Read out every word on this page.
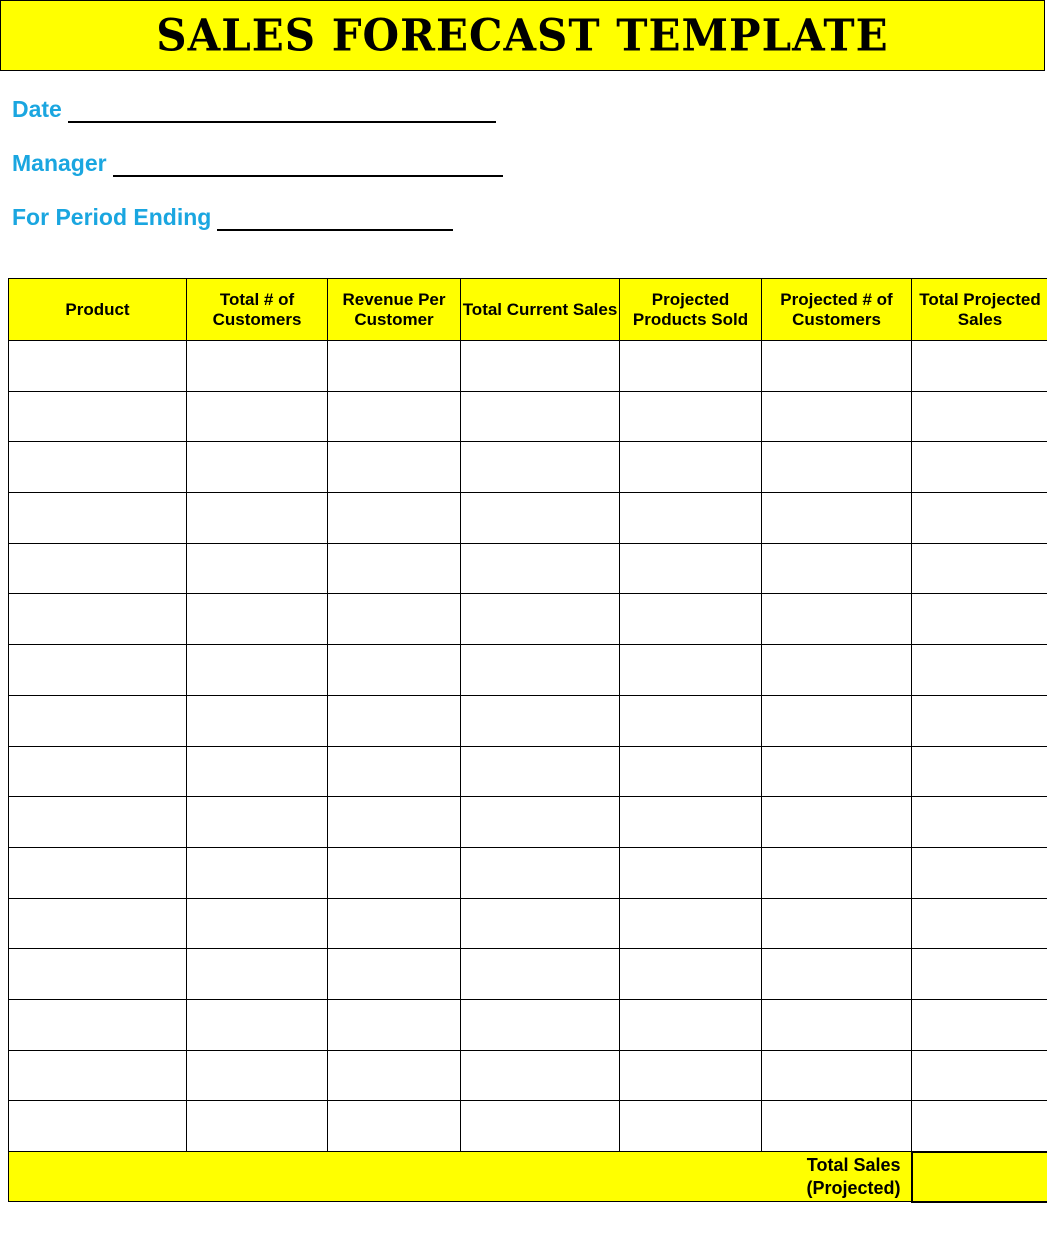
SALES FORECAST TEMPLATE
Date
Manager
For Period Ending
Product	Total # of Customers	Revenue Per Customer	Total Current Sales	Projected Products Sold	Projected # of Customers	Total Projected Sales

Total Sales
(Projected)						
